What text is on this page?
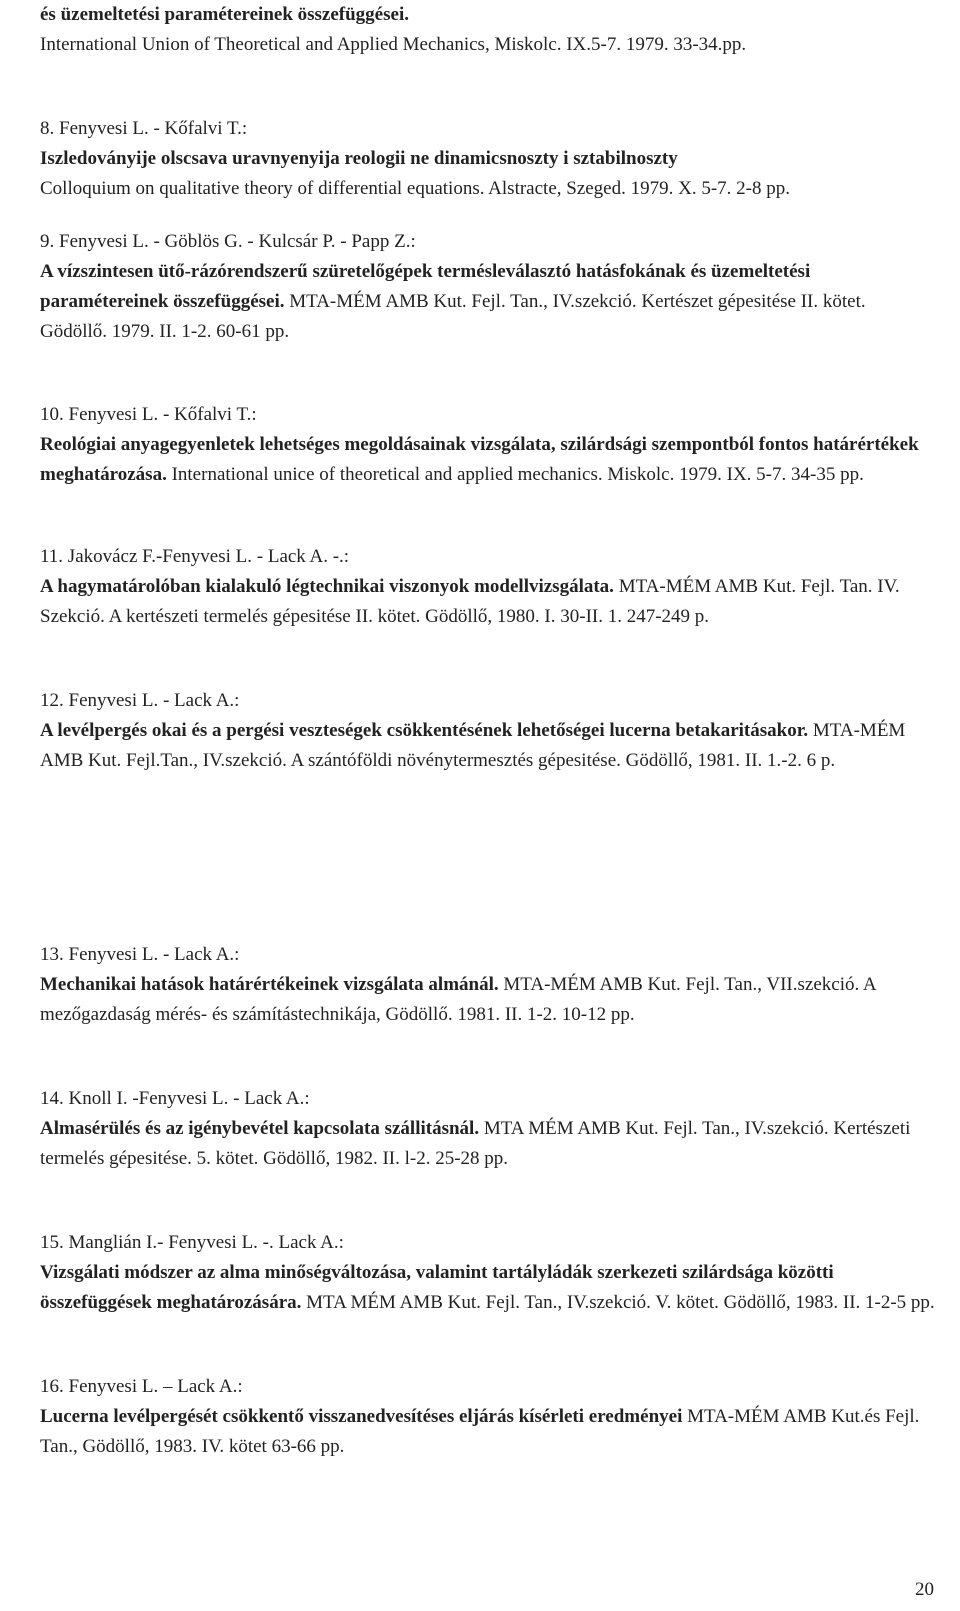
és üzemeltetési paramétereinek összefüggései.
International Union of Theoretical and Applied Mechanics, Miskolc. IX.5-7. 1979. 33-34.pp.

8. Fenyvesi L. - Kőfalvi T.:
Iszledoványije olscsava uravnyenyija reologii ne dinamicsnoszty i sztabilnoszty
Colloquium on qualitative theory of differential equations. Alstracte, Szeged. 1979. X. 5-7. 2-8 pp.

9. Fenyvesi L. - Göblös G. - Kulcsár P. - Papp Z.:
A vízszintesen ütő-rázórendszerű szüretelőgépek termésleválasztó hatásfokának és üzemeltetési paramétereinek összefüggései. MTA-MÉM AMB Kut. Fejl. Tan., IV.szekció. Kertészet gépesitése II. kötet. Gödöllő. 1979. II. 1-2. 60-61 pp.

10. Fenyvesi L. - Kőfalvi T.:
Reológiai anyagegyenletek lehetséges megoldásainak vizsgálata, szilárdsági szempontból fontos határértékek meghatározása. International unice of theoretical and applied mechanics. Miskolc. 1979. IX. 5-7. 34-35 pp.

11. Jakovácz F.-Fenyvesi L. - Lack A. -.:
A hagymatárolóban kialakuló légtechnikai viszonyok modellvizsgálata. MTA-MÉM AMB Kut. Fejl. Tan. IV. Szekció. A kertészeti termelés gépesitése II. kötet. Gödöllő, 1980. I. 30-II. 1. 247-249 p.

12. Fenyvesi L. - Lack A.:
A levélpergés okai és a pergési veszteségek csökkentésének lehetőségei lucerna betakaritásakor. MTA-MÉM AMB Kut. Fejl.Tan., IV.szekció. A szántóföldi növénytermesztés gépesitése. Gödöllő, 1981. II. 1.-2. 6 p.

13. Fenyvesi L. - Lack A.:
Mechanikai hatások határértékeinek vizsgálata almánál. MTA-MÉM AMB Kut. Fejl. Tan., VII.szekció. A mezőgazdaság mérés- és számítástechnikája, Gödöllő. 1981. II. 1-2. 10-12 pp.

14. Knoll I. -Fenyvesi L. - Lack A.:
Almasérülés és az igénybevétel kapcsolata szállitásnál. MTA MÉM AMB Kut. Fejl. Tan., IV.szekció. Kertészeti termelés gépesitése. 5. kötet. Gödöllő, 1982. II. l-2. 25-28 pp.

15. Manglián I.- Fenyvesi L. -. Lack A.:
Vizsgálati módszer az alma minőségváltozása, valamint tartályládák szerkezeti szilárdsága közötti összefüggések meghatározására. MTA MÉM AMB Kut. Fejl. Tan., IV.szekció. V. kötet. Gödöllő, 1983. II. 1-2-5 pp.

16. Fenyvesi L. – Lack A.:
Lucerna levélpergését csökkentő visszanedvesítéses eljárás kísérleti eredményei MTA-MÉM AMB Kut.és Fejl. Tan., Gödöllő, 1983. IV. kötet 63-66 pp.

20
